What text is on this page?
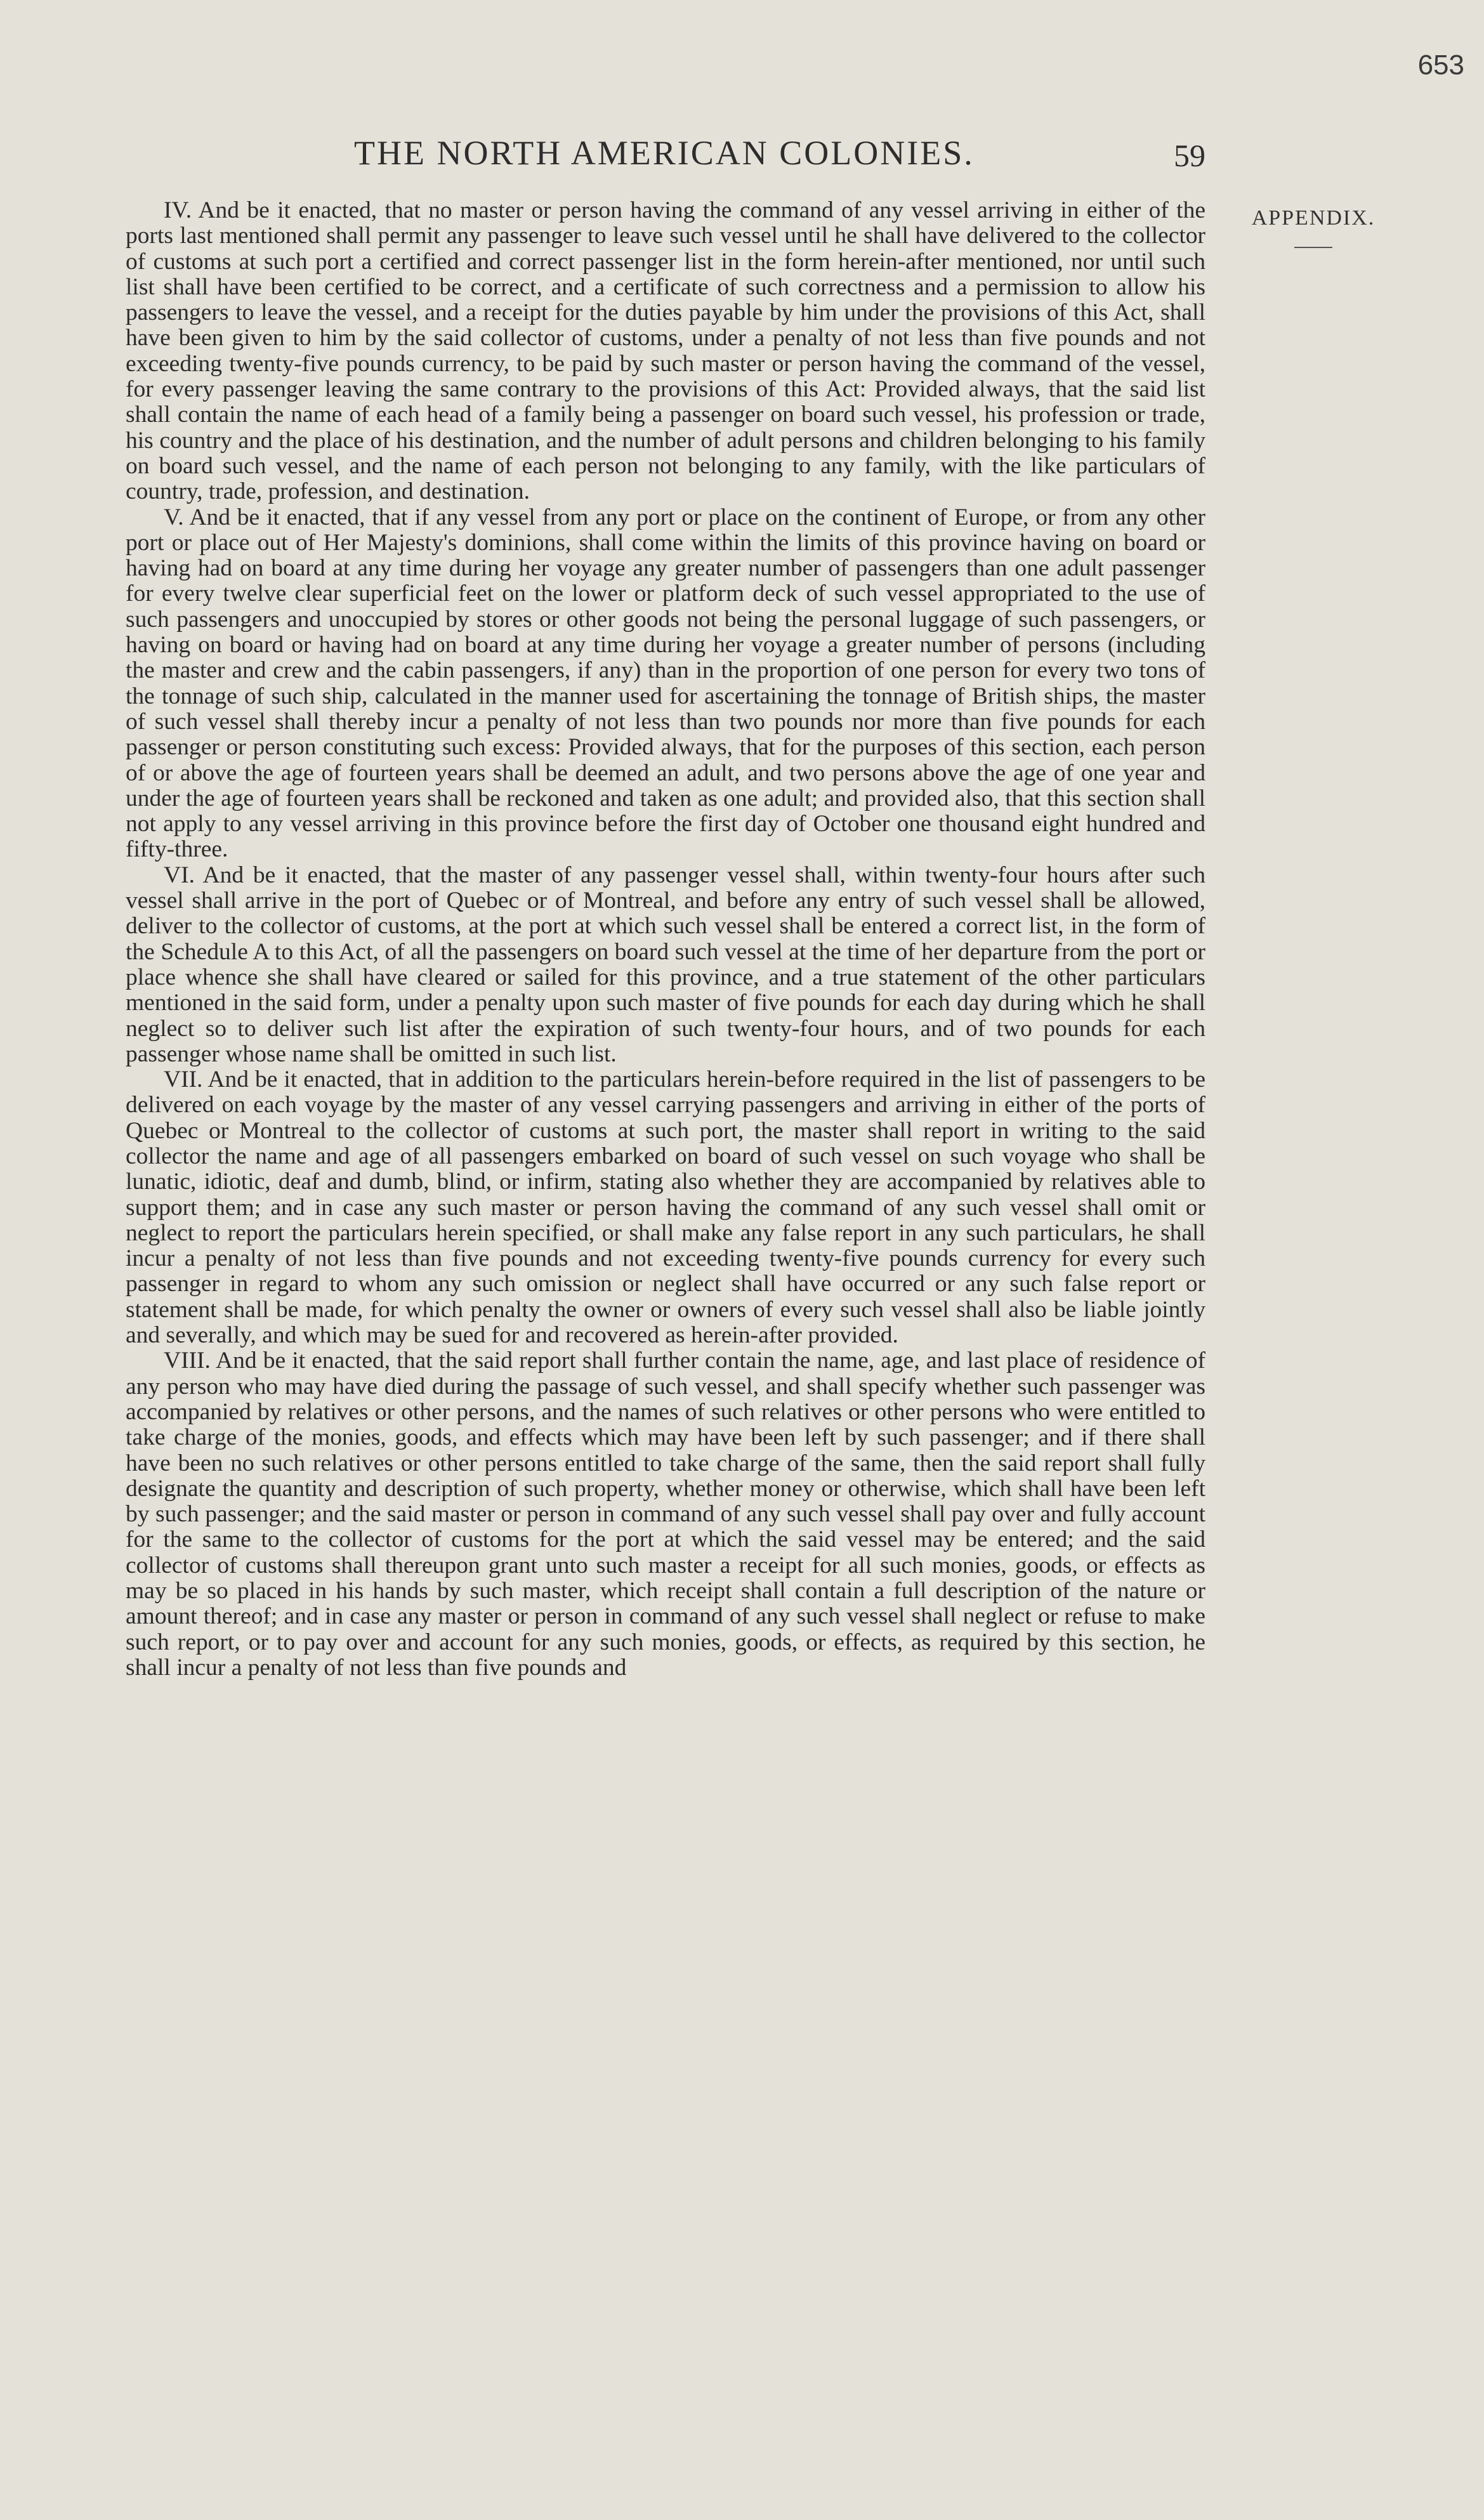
653
THE NORTH AMERICAN COLONIES.	59
APPENDIX.

IV. And be it enacted, that no master or person having the command of any vessel arriving in either of the ports last mentioned shall permit any passenger to leave such vessel until he shall have delivered to the collector of customs at such port a certified and correct passenger list in the form herein-after mentioned, nor until such list shall have been certified to be correct, and a certificate of such correctness and a permission to allow his passengers to leave the vessel, and a receipt for the duties payable by him under the provisions of this Act, shall have been given to him by the said collector of customs, under a penalty of not less than five pounds and not exceeding twenty-five pounds currency, to be paid by such master or person having the command of the vessel, for every passenger leaving the same contrary to the provisions of this Act: Provided always, that the said list shall contain the name of each head of a family being a passenger on board such vessel, his profession or trade, his country and the place of his destination, and the number of adult persons and children belonging to his family on board such vessel, and the name of each person not belonging to any family, with the like particulars of country, trade, profession, and destination.

V. And be it enacted, that if any vessel from any port or place on the continent of Europe, or from any other port or place out of Her Majesty's dominions, shall come within the limits of this province having on board or having had on board at any time during her voyage any greater number of passengers than one adult passenger for every twelve clear superficial feet on the lower or platform deck of such vessel appropriated to the use of such passengers and unoccupied by stores or other goods not being the personal luggage of such passengers, or having on board or having had on board at any time during her voyage a greater number of persons (including the master and crew and the cabin passengers, if any) than in the proportion of one person for every two tons of the tonnage of such ship, calculated in the manner used for ascertaining the tonnage of British ships, the master of such vessel shall thereby incur a penalty of not less than two pounds nor more than five pounds for each passenger or person constituting such excess: Provided always, that for the purposes of this section, each person of or above the age of fourteen years shall be deemed an adult, and two persons above the age of one year and under the age of fourteen years shall be reckoned and taken as one adult; and provided also, that this section shall not apply to any vessel arriving in this province before the first day of October one thousand eight hundred and fifty-three.

VI. And be it enacted, that the master of any passenger vessel shall, within twenty-four hours after such vessel shall arrive in the port of Quebec or of Montreal, and before any entry of such vessel shall be allowed, deliver to the collector of customs, at the port at which such vessel shall be entered a correct list, in the form of the Schedule A to this Act, of all the passengers on board such vessel at the time of her departure from the port or place whence she shall have cleared or sailed for this province, and a true statement of the other particulars mentioned in the said form, under a penalty upon such master of five pounds for each day during which he shall neglect so to deliver such list after the expiration of such twenty-four hours, and of two pounds for each passenger whose name shall be omitted in such list.

VII. And be it enacted, that in addition to the particulars herein-before required in the list of passengers to be delivered on each voyage by the master of any vessel carrying passengers and arriving in either of the ports of Quebec or Montreal to the collector of customs at such port, the master shall report in writing to the said collector the name and age of all passengers embarked on board of such vessel on such voyage who shall be lunatic, idiotic, deaf and dumb, blind, or infirm, stating also whether they are accompanied by relatives able to support them; and in case any such master or person having the command of any such vessel shall omit or neglect to report the particulars herein specified, or shall make any false report in any such particulars, he shall incur a penalty of not less than five pounds and not exceeding twenty-five pounds currency for every such passenger in regard to whom any such omission or neglect shall have occurred or any such false report or statement shall be made, for which penalty the owner or owners of every such vessel shall also be liable jointly and severally, and which may be sued for and recovered as herein-after provided.

VIII. And be it enacted, that the said report shall further contain the name, age, and last place of residence of any person who may have died during the passage of such vessel, and shall specify whether such passenger was accompanied by relatives or other persons, and the names of such relatives or other persons who were entitled to take charge of the monies, goods, and effects which may have been left by such passenger; and if there shall have been no such relatives or other persons entitled to take charge of the same, then the said report shall fully designate the quantity and description of such property, whether money or otherwise, which shall have been left by such passenger; and the said master or person in command of any such vessel shall pay over and fully account for the same to the collector of customs for the port at which the said vessel may be entered; and the said collector of customs shall thereupon grant unto such master a receipt for all such monies, goods, or effects as may be so placed in his hands by such master, which receipt shall contain a full description of the nature or amount thereof; and in case any master or person in command of any such vessel shall neglect or refuse to make such report, or to pay over and account for any such monies, goods, or effects, as required by this section, he shall incur a penalty of not less than five pounds and
